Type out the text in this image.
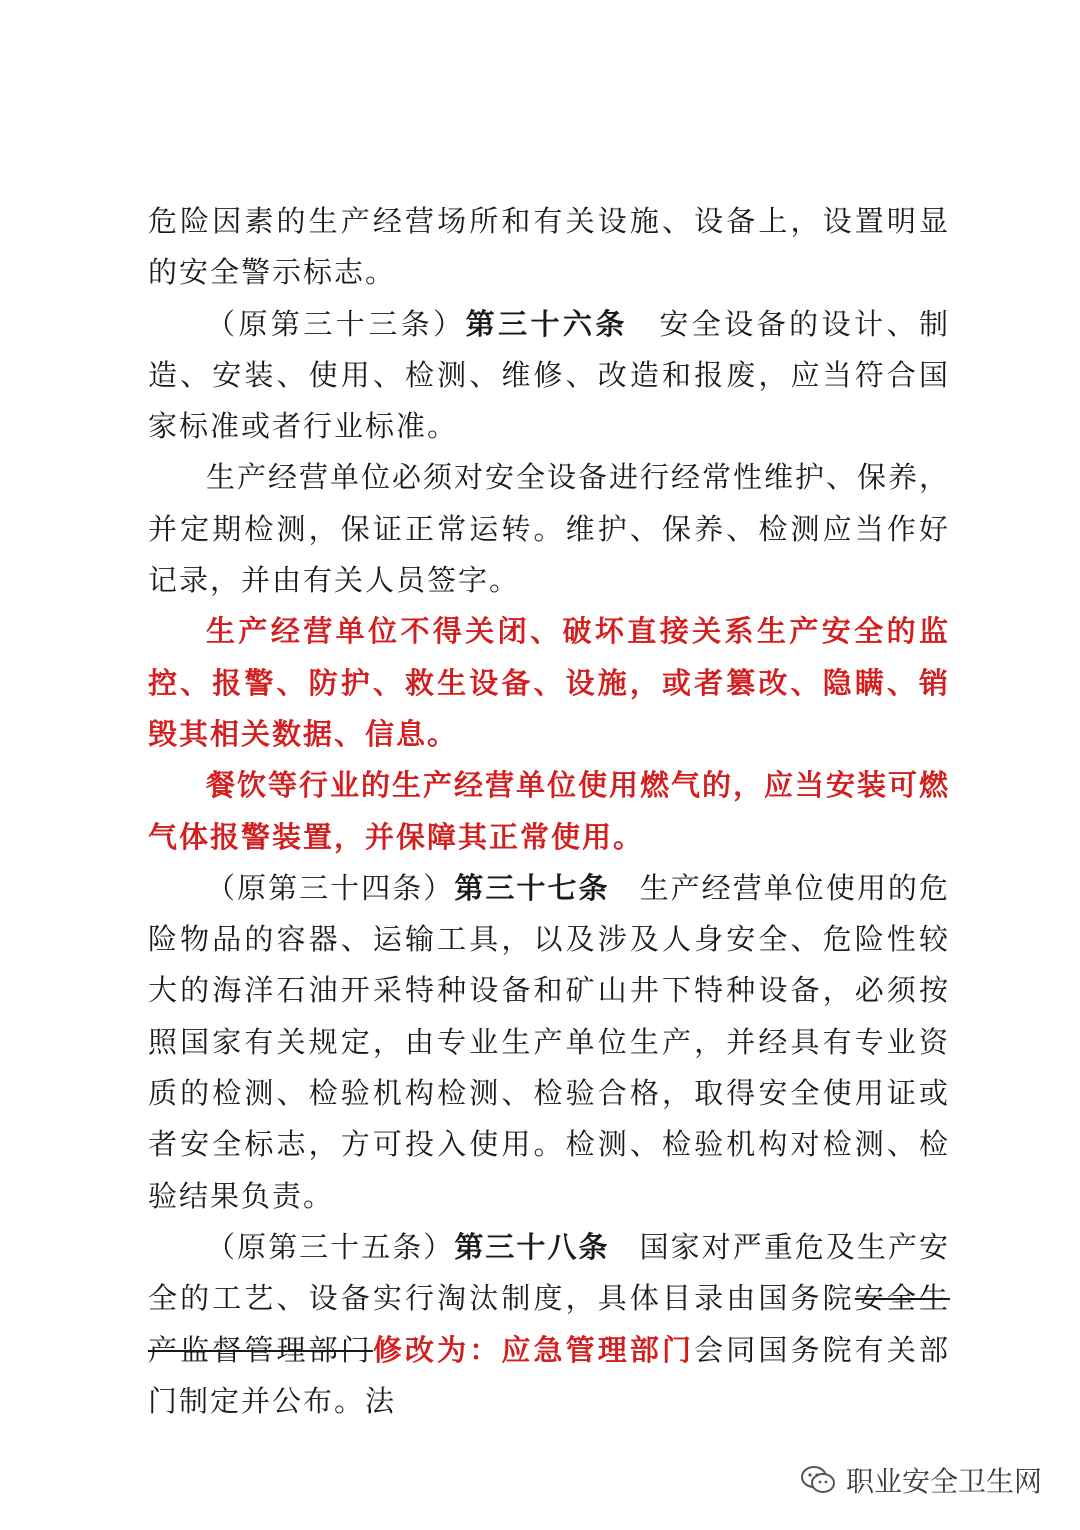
危险因素的生产经营场所和有关设施、设备上，设置明显的安全警示标志。

（原第三十三条）第三十六条 安全设备的设计、制造、安装、使用、检测、维修、改造和报废，应当符合国家标准或者行业标准。

生产经营单位必须对安全设备进行经常性维护、保养，并定期检测，保证正常运转。维护、保养、检测应当作好记录，并由有关人员签字。

生产经营单位不得关闭、破坏直接关系生产安全的监控、报警、防护、救生设备、设施，或者篡改、隐瞒、销毁其相关数据、信息。

餐饮等行业的生产经营单位使用燃气的，应当安装可燃气体报警装置，并保障其正常使用。

（原第三十四条）第三十七条 生产经营单位使用的危险物品的容器、运输工具，以及涉及人身安全、危险性较大的海洋石油开采特种设备和矿山井下特种设备，必须按照国家有关规定，由专业生产单位生产，并经具有专业资质的检测、检验机构检测、检验合格，取得安全使用证或者安全标志，方可投入使用。检测、检验机构对检测、检验结果负责。

（原第三十五条）第三十八条 国家对严重危及生产安全的工艺、设备实行淘汰制度，具体目录由国务院安全生产监督管理部门修改为：应急管理部门会同国务院有关部门制定并公布。法

职业安全卫生网
